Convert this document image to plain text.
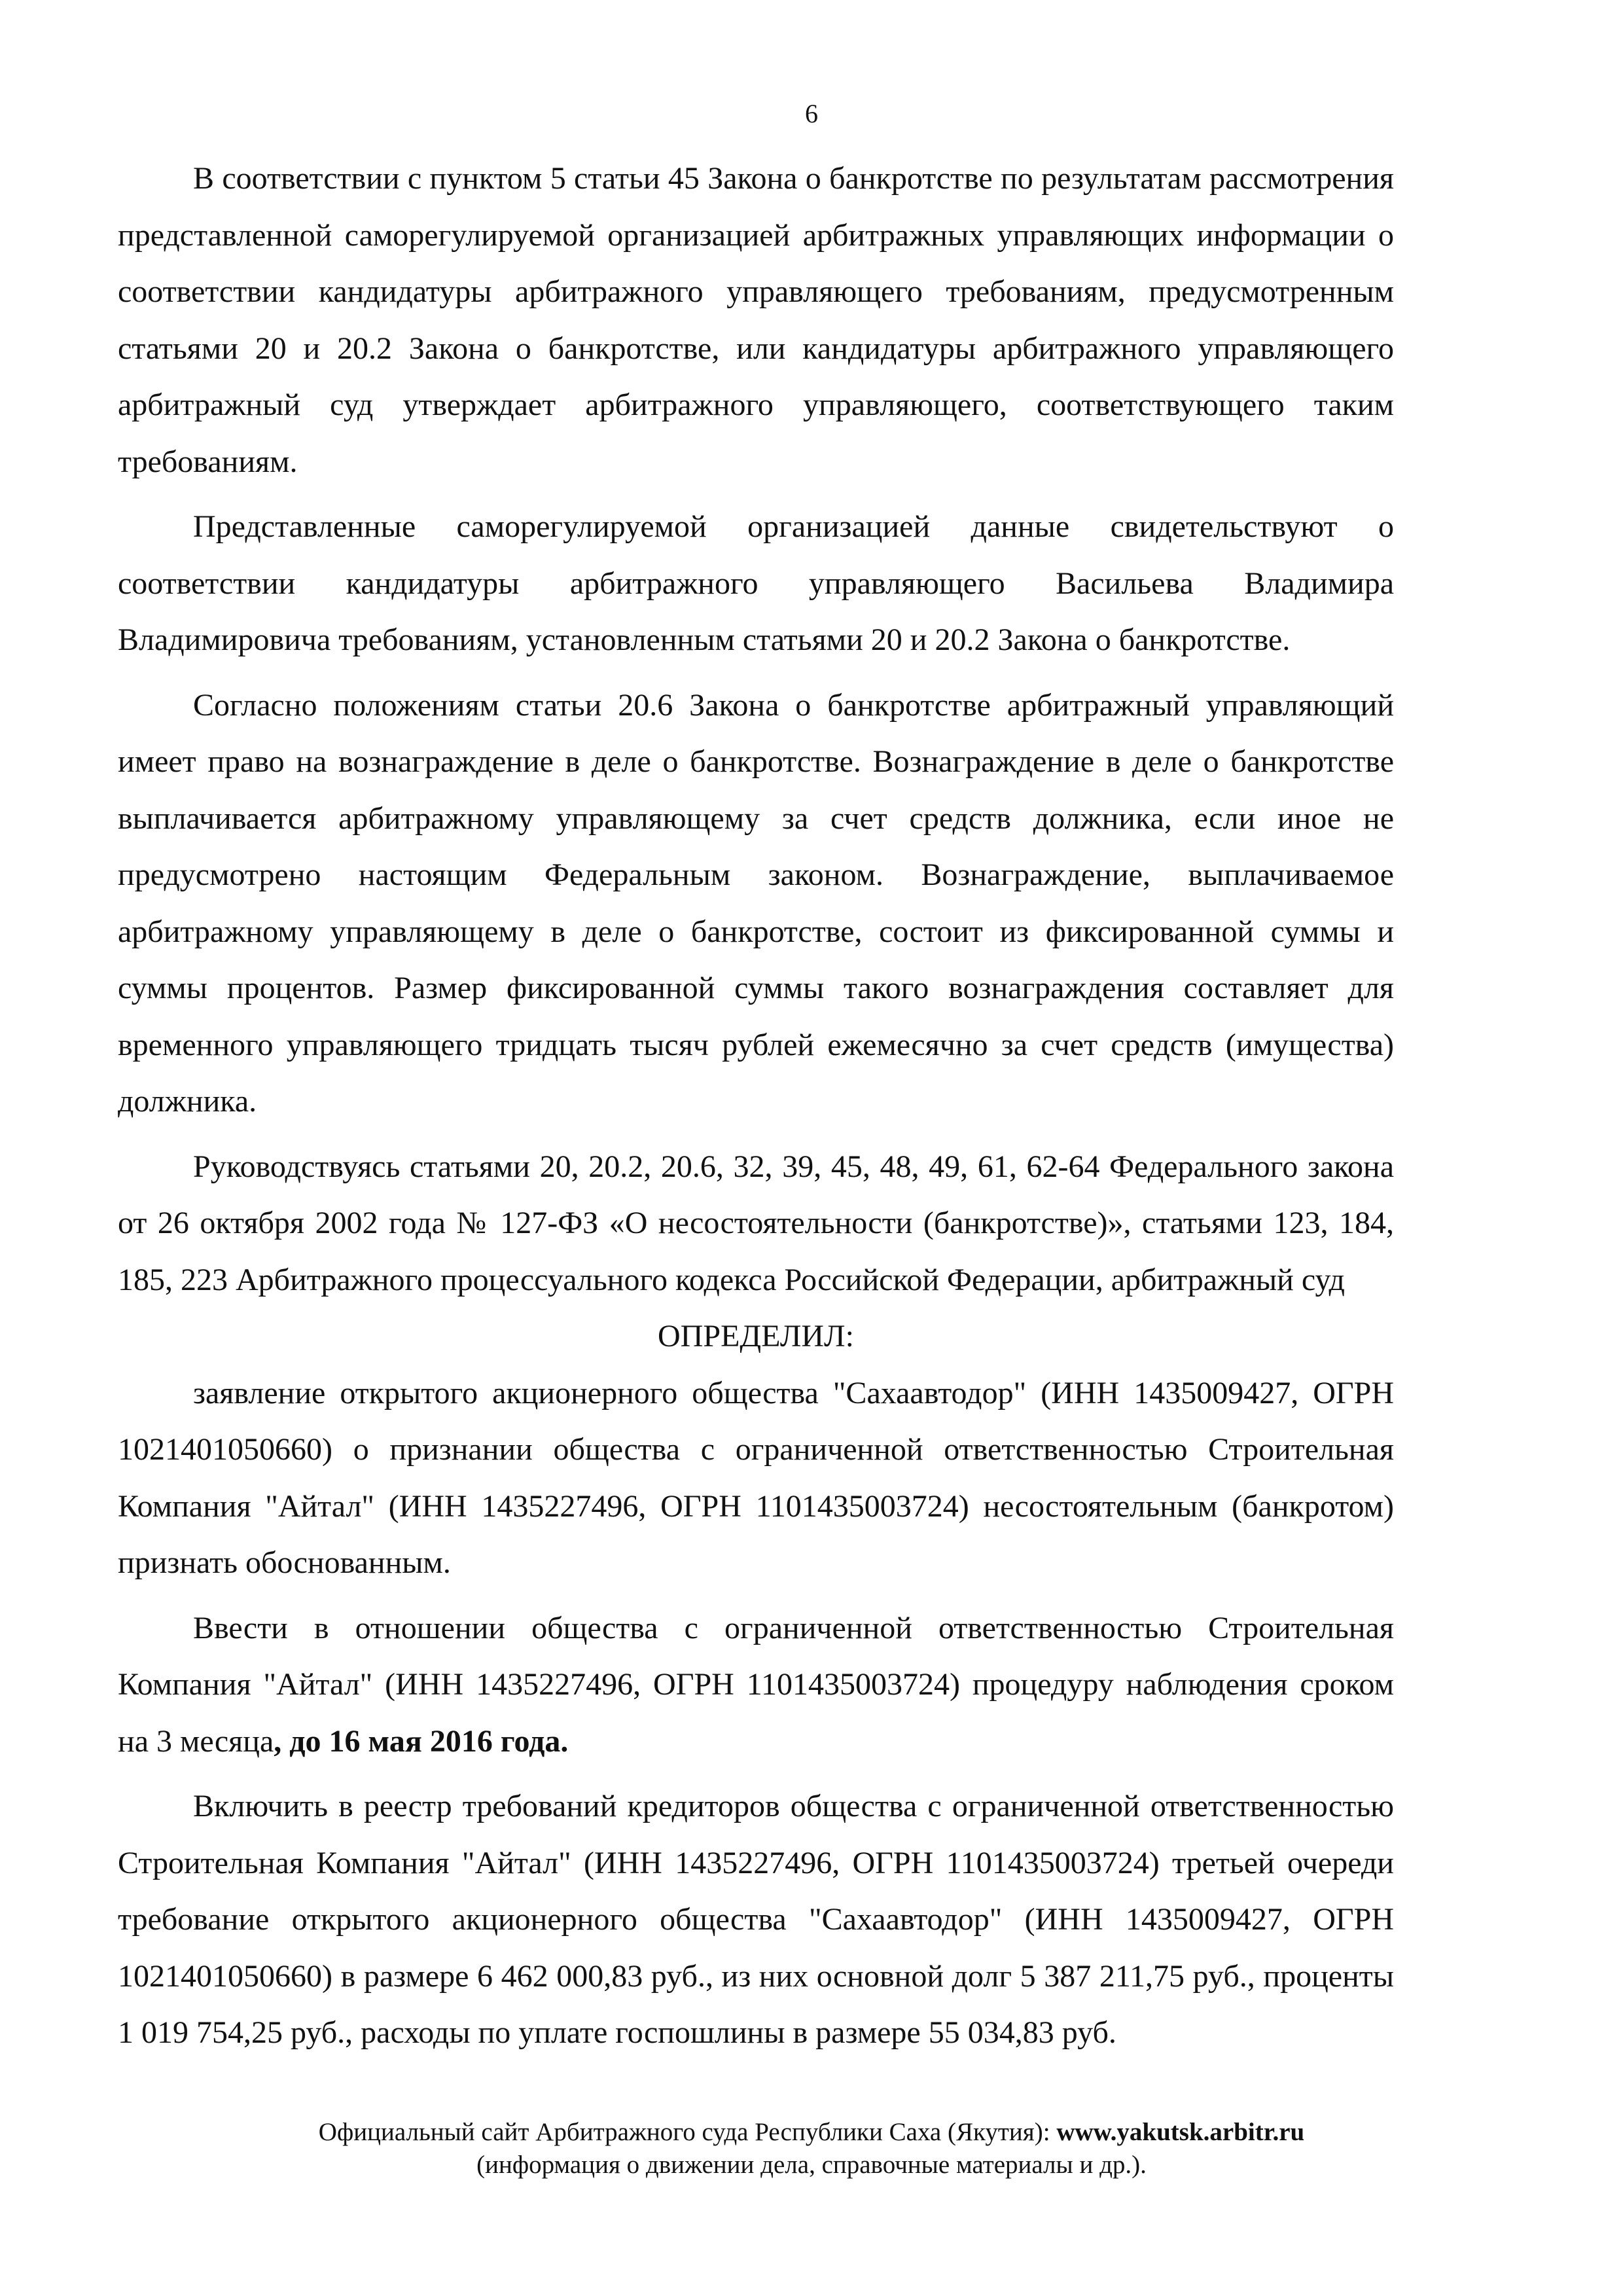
6

В соответствии с пунктом 5 статьи 45 Закона о банкротстве по результатам рассмотрения представленной саморегулируемой организацией арбитражных управляющих информации о соответствии кандидатуры арбитражного управляющего требованиям, предусмотренным статьями 20 и 20.2 Закона о банкротстве, или кандидатуры арбитражного управляющего арбитражный суд утверждает арбитражного управляющего, соответствующего таким требованиям.

Представленные саморегулируемой организацией данные свидетельствуют о соответствии кандидатуры арбитражного управляющего Васильева Владимира Владимировича требованиям, установленным статьями 20 и 20.2 Закона о банкротстве.

Согласно положениям статьи 20.6 Закона о банкротстве арбитражный управляющий имеет право на вознаграждение в деле о банкротстве. Вознаграждение в деле о банкротстве выплачивается арбитражному управляющему за счет средств должника, если иное не предусмотрено настоящим Федеральным законом. Вознаграждение, выплачиваемое арбитражному управляющему в деле о банкротстве, состоит из фиксированной суммы и суммы процентов. Размер фиксированной суммы такого вознаграждения составляет для временного управляющего тридцать тысяч рублей ежемесячно за счет средств (имущества) должника.

Руководствуясь статьями 20, 20.2, 20.6, 32, 39, 45, 48, 49, 61, 62-64 Федерального закона от 26 октября 2002 года № 127-ФЗ «О несостоятельности (банкротстве)», статьями 123, 184, 185, 223 Арбитражного процессуального кодекса Российской Федерации, арбитражный суд

ОПРЕДЕЛИЛ:

заявление открытого акционерного общества "Сахаавтодор" (ИНН 1435009427, ОГРН 1021401050660) о признании общества с ограниченной ответственностью Строительная Компания "Айтал" (ИНН 1435227496, ОГРН 1101435003724) несостоятельным (банкротом) признать обоснованным.

Ввести в отношении общества с ограниченной ответственностью Строительная Компания "Айтал" (ИНН 1435227496, ОГРН 1101435003724) процедуру наблюдения сроком на 3 месяца, до 16 мая 2016 года.

Включить в реестр требований кредиторов общества с ограниченной ответственностью Строительная Компания "Айтал" (ИНН 1435227496, ОГРН 1101435003724) третьей очереди требование открытого акционерного общества "Сахаавтодор" (ИНН 1435009427, ОГРН 1021401050660) в размере 6 462 000,83 руб., из них основной долг 5 387 211,75 руб., проценты 1 019 754,25 руб., расходы по уплате госпошлины в размере 55 034,83 руб.

Официальный сайт Арбитражного суда Республики Саха (Якутия): www.yakutsk.arbitr.ru
(информация о движении дела, справочные материалы и др.).
